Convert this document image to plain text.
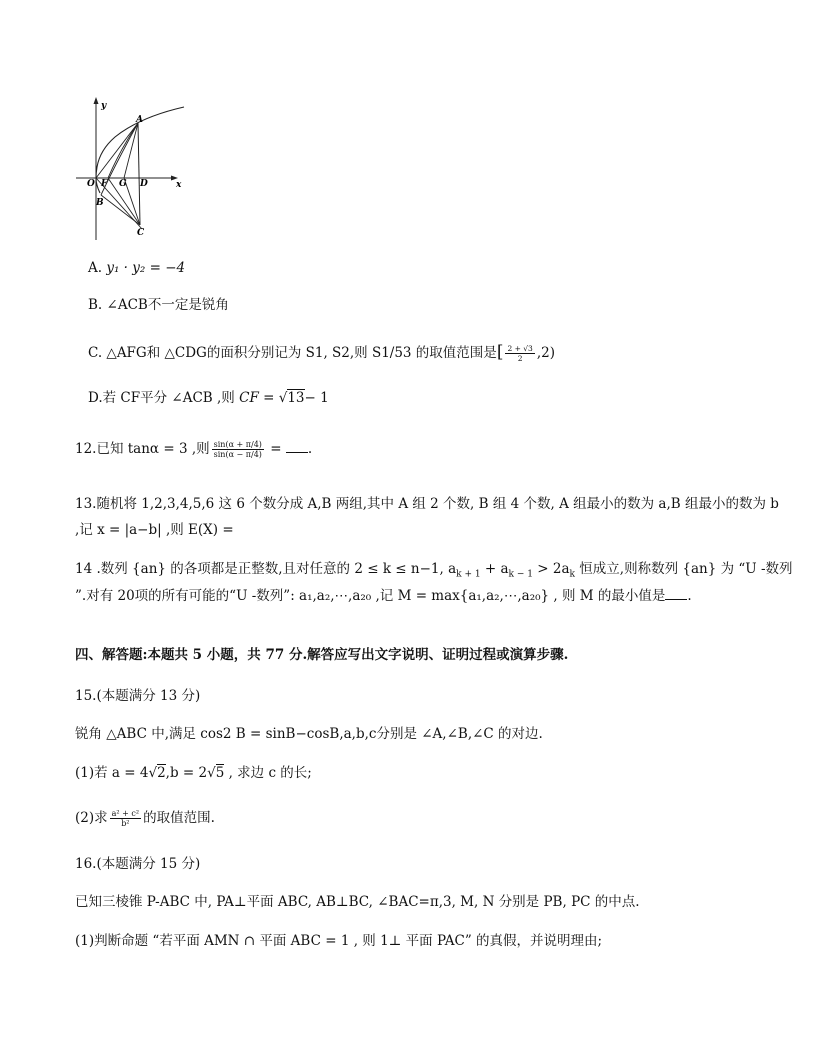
y
A
O F G D	x
B
C
A. y₁ · y₂ = −4
B. ∠ACB不一定是锐角
C. △AFG和 △CDG的面积分别记为 S1, S2,则 S1/53 的取值范围是[ $\frac{2 + √3}{2} ,2$)
D.若 CF平分 ∠ACB ,则 CF = √13− 1
12.已知 tanα = 3 ,则 $\frac{\sin(\alpha + \pi/4)}{\sin(\alpha - \pi/4)}$ = .
13.随机将 1,2,3,4,5,6 这 6 个数分成 A,B 两组,其中 A 组 2 个数, B 组 4 个数, A 组最小的数为 a,B 组最小的数为 b
,记 x = |a−b| ,则 E(X) =
14 .数列 {an} 的各项都是正整数,且对任意的 2 ≤ k ≤ n−1, $a_{k + 1} + a_{k - 1} > 2a_k$ 恒成立,则称数列 {an} 为 “U -数列
”.对有 20项的所有可能的“U -数列”: a₁,a₂,⋯,a₂₀ ,记 M = max{a₁,a₂,⋯,a₂₀} , 则 M 的最小值是 .
四、解答题:本题共 5 小题，共 77 分.解答应写出文字说明、证明过程或演算步骤.
15.(本题满分 13 分)
锐角 △ABC 中,满足 cos2 B = sinB−cosB,a,b,c分别是 ∠A,∠B,∠C 的对边.
(1)若 a = 4√2,b = 2√5 , 求边 c 的长;
(2)求 $\frac{\text{a² + c²}}{\text{b²}}$ 的取值范围.
16.(本题满分 15 分)
已知三棱锥 P-ABC 中, PA⊥平面 ABC, AB⊥BC, ∠BAC=π,3, M, N 分别是 PB, PC 的中点.
(1)判断命题 “若平面 AMN ∩ 平面 ABC = 1 , 则 1⊥ 平面 PAC” 的真假，并说明理由;
